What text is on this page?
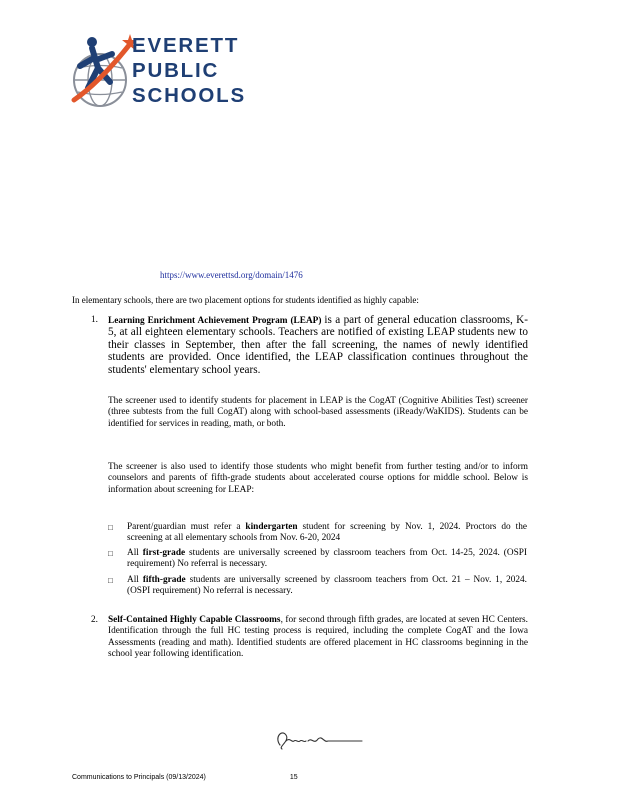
EVERETT
PUBLIC
SCHOOLS
https://www.everettsd.org/domain/1476
In elementary schools, there are two placement options for students identified as highly capable:
1. Learning Enrichment Achievement Program (LEAP) is a part of general education classrooms, K-5, at all eighteen elementary schools. Teachers are notified of existing LEAP students new to their classes in September, then after the fall screening, the names of newly identified students are provided. Once identified, the LEAP classification continues throughout the students' elementary school years.
The screener used to identify students for placement in LEAP is the CogAT (Cognitive Abilities Test) screener (three subtests from the full CogAT) along with school-based assessments (iReady/WaKIDS). Students can be identified for services in reading, math, or both.
The screener is also used to identify those students who might benefit from further testing and/or to inform counselors and parents of fifth-grade students about accelerated course options for middle school. Below is information about screening for LEAP:
□ Parent/guardian must refer a kindergarten student for screening by Nov. 1, 2024. Proctors do the screening at all elementary schools from Nov. 6-20, 2024
□ All first-grade students are universally screened by classroom teachers from Oct. 14-25, 2024. (OSPI requirement) No referral is necessary.
□ All fifth-grade students are universally screened by classroom teachers from Oct. 21 – Nov. 1, 2024. (OSPI requirement) No referral is necessary.
2. Self-Contained Highly Capable Classrooms, for second through fifth grades, are located at seven HC Centers. Identification through the full HC testing process is required, including the complete CogAT and the Iowa Assessments (reading and math). Identified students are offered placement in HC classrooms beginning in the school year following identification.
Communications to Principals (09/13/2024)	15
